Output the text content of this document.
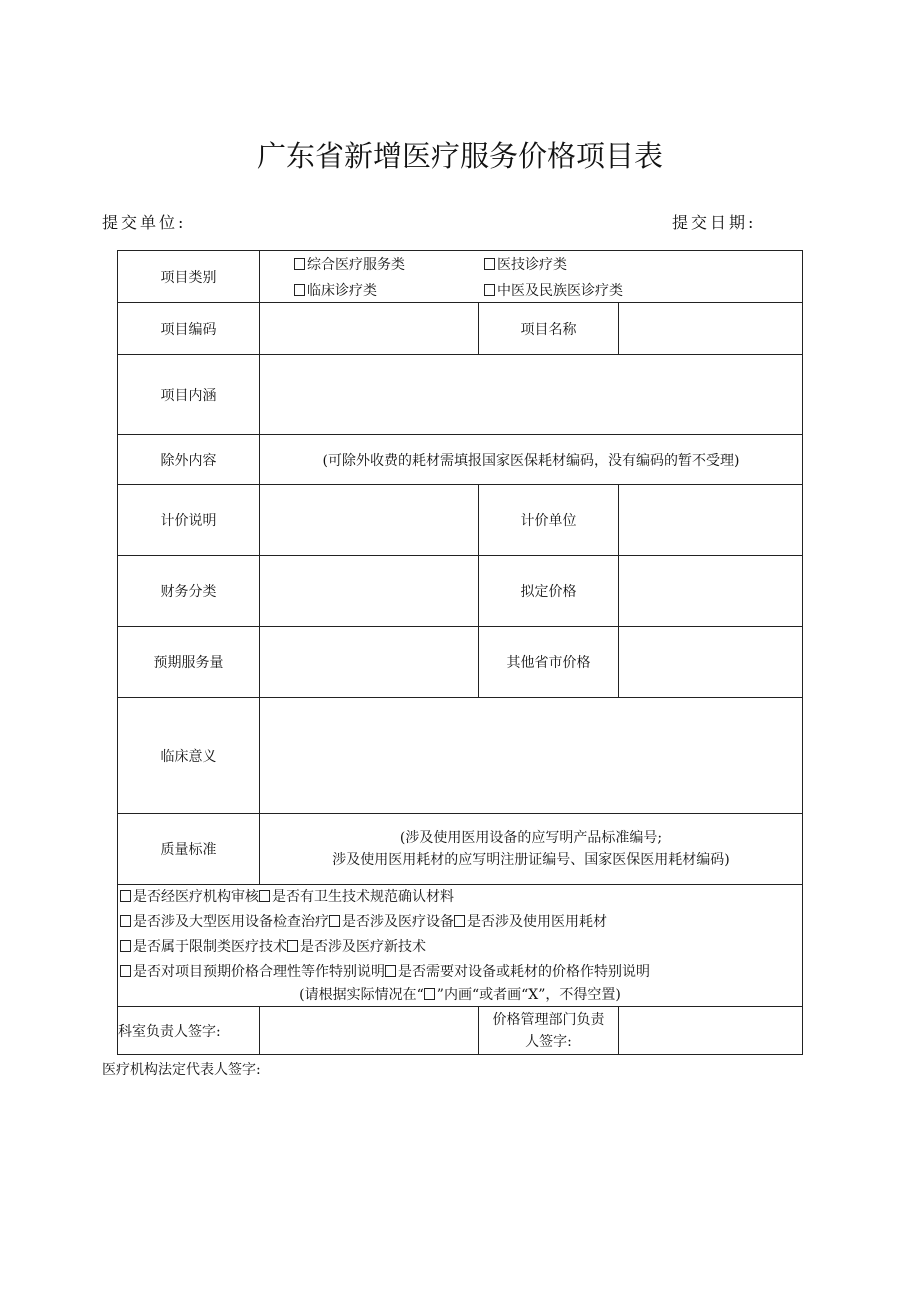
广东省新增医疗服务价格项目表
提交单位:	提交日期:
项目类别	综合医疗服务类 医技诊疗类
临床诊疗类 中医及民族医诊疗类		

项目编码		项目名称	
项目内涵			
除外内容	(可除外收费的耗材需填报国家医保耗材编码，没有编码的暂不受理)		
计价说明		计价单位	
财务分类		拟定价格	
预期服务量		其他省市价格	
临床意义			
质量标准	(涉及使用医用设备的应写明产品标准编号;
涉及使用医用耗材的应写明注册证编号、国家医保医用耗材编码)		

是否经医疗机构审核 是否有卫生技术规范确认材料
是否涉及大型医用设备检查治疗 是否涉及医疗设备 是否涉及使用医用耗材
是否属于限制类医疗技术 是否涉及医疗新技术
是否对项目预期价格合理性等作特别说明 是否需要对设备或耗材的价格作特别说明
(请根据实际情况在“ ”内画“或者画“X”，不得空置)			

科室负责人签字:		价格管理部门负责
人签字:	

医疗机构法定代表人签字:
